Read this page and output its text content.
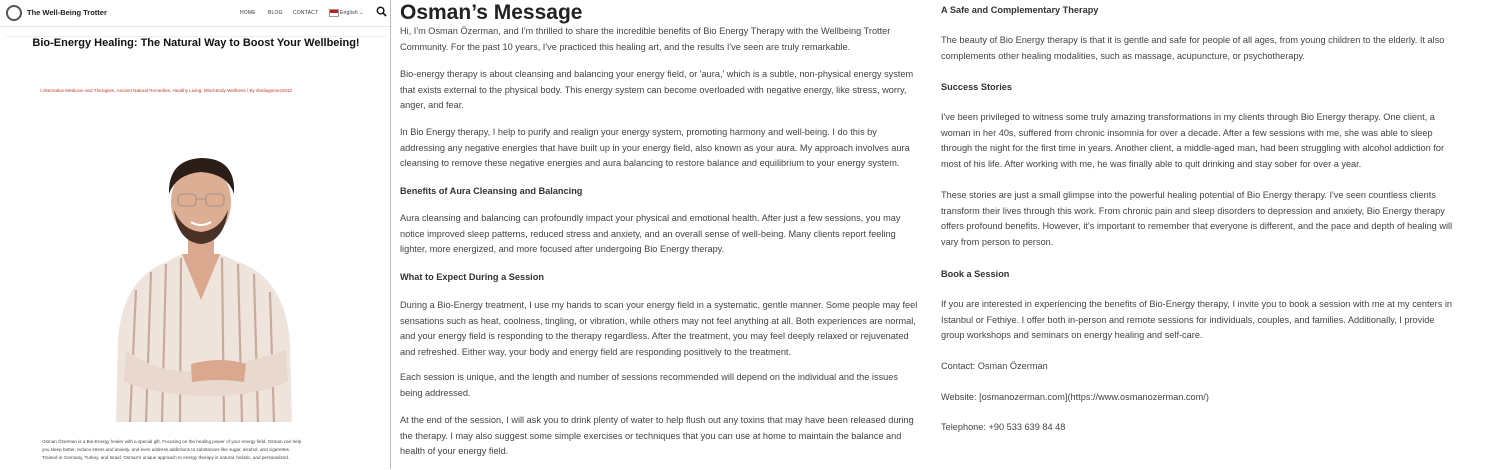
The Well-Being Trotter	HOME BLOG CONTACT	English ⌄
Bio-Energy Healing: The Natural Way to Boost Your Wellbeing!
/ Alternative Medicine and Therapies, Ancient Natural Remedies, Healthy Living, Mind-Body Wellness / By sheilagomez2012
Osman Özerman is a Bio-Energy healer with a special gift. Focusing on the healing power of your energy field, Osman can help
you sleep better, reduce stress and anxiety, and even address addictions to substances like sugar, alcohol, and cigarettes.
Trained in Germany, Turkey, and Israel, Osman's unique approach to energy therapy is natural, holistic, and personalized.
Osman’s Message
Hi, I'm Osman Özerman, and I'm thrilled to share the incredible benefits of Bio Energy Therapy with the Wellbeing Trotter
Community. For the past 10 years, I've practiced this healing art, and the results I've seen are truly remarkable.
Bio-energy therapy is about cleansing and balancing your energy field, or 'aura,' which is a subtle, non-physical energy system
that exists external to the physical body. This energy system can become overloaded with negative energy, like stress, worry,
anger, and fear.
In Bio Energy therapy, I help to purify and realign your energy system, promoting harmony and well-being. I do this by
addressing any negative energies that have built up in your energy field, also known as your aura. My approach involves aura
cleansing to remove these negative energies and aura balancing to restore balance and equilibrium to your energy system.
Benefits of Aura Cleansing and Balancing
Aura cleansing and balancing can profoundly impact your physical and emotional health. After just a few sessions, you may
notice improved sleep patterns, reduced stress and anxiety, and an overall sense of well-being. Many clients report feeling
lighter, more energized, and more focused after undergoing Bio Energy therapy.
What to Expect During a Session
During a Bio-Energy treatment, I use my hands to scan your energy field in a systematic, gentle manner. Some people may feel
sensations such as heat, coolness, tingling, or vibration, while others may not feel anything at all. Both experiences are normal,
and your energy field is responding to the therapy regardless. After the treatment, you may feel deeply relaxed or rejuvenated
and refreshed. Either way, your body and energy field are responding positively to the treatment.
Each session is unique, and the length and number of sessions recommended will depend on the individual and the issues
being addressed.
At the end of the session, I will ask you to drink plenty of water to help flush out any toxins that may have been released during
the therapy. I may also suggest some simple exercises or techniques that you can use at home to maintain the balance and
health of your energy field.
A Safe and Complementary Therapy
The beauty of Bio Energy therapy is that it is gentle and safe for people of all ages, from young children to the elderly. It also
complements other healing modalities, such as massage, acupuncture, or psychotherapy.
Success Stories
I've been privileged to witness some truly amazing transformations in my clients through Bio Energy therapy. One client, a
woman in her 40s, suffered from chronic insomnia for over a decade. After a few sessions with me, she was able to sleep
through the night for the first time in years. Another client, a middle-aged man, had been struggling with alcohol addiction for
most of his life. After working with me, he was finally able to quit drinking and stay sober for over a year.
These stories are just a small glimpse into the powerful healing potential of Bio Energy therapy. I've seen countless clients
transform their lives through this work. From chronic pain and sleep disorders to depression and anxiety, Bio Energy therapy
offers profound benefits. However, it's important to remember that everyone is different, and the pace and depth of healing will
vary from person to person.
Book a Session
If you are interested in experiencing the benefits of Bio-Energy therapy, I invite you to book a session with me at my centers in
Istanbul or Fethiye. I offer both in-person and remote sessions for individuals, couples, and families. Additionally, I provide
group workshops and seminars on energy healing and self-care.
Contact: Osman Özerman
Website: [osmanozerman.com](https://www.osmanozerman.com/)
Telephone: +90 533 639 84 48
